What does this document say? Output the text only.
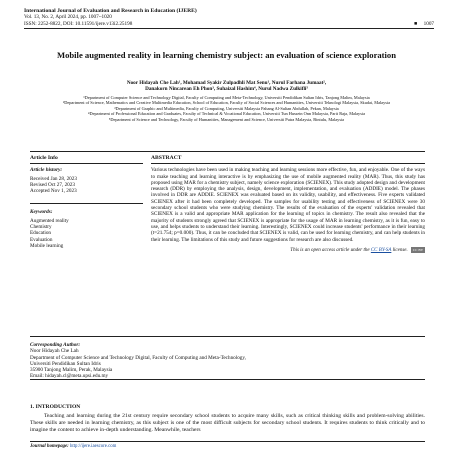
International Journal of Evaluation and Research in Education (IJERE)
Vol. 13, No. 2, April 2024, pp. 1007~1020
ISSN: 2252-8822, DOI: 10.11591/ijere.v13i2.25198	■     1007
Mobile augmented reality in learning chemistry subject: an evaluation of science exploration
Noor Hidayah Che Lah¹, Mohamad Syakir Zulpadhli Mat Senu¹, Nurul Farhana Jumaat²,
Danakorn Nincarean Eh Phon³, Suhaizal Hashim⁴, Nurul Nadwa Zulkifli⁵
¹Department of Computer Science and Technology Digital, Faculty of Computing and Meta-Technology, Universiti Pendidikan Sultan Idris, Tanjong Malim, Malaysia
²Department of Science, Mathematics and Creative Multimedia Education, School of Education, Faculty of Social Sciences and Humanities, Universiti Teknologi Malaysia, Skudai, Malaysia
³Department of Graphic and Multimedia, Faculty of Computing, Universiti Malaysia Pahang Al-Sultan Abdullah, Pekan, Malaysia
⁴Department of Professional Education and Graduates, Faculty of Technical & Vocational Education, Universiti Tun Hussein Onn Malaysia, Parit Raja, Malaysia
⁵Department of Science and Technology, Faculty of Humanities, Management and Science, Universiti Putra Malaysia, Bintulu, Malaysia
Article Info
Article history:
Received Jan 28, 2023
Revised Oct 27, 2023
Accepted Nov 1, 2023
Keywords:
Augmented reality
Chemistry
Education
Evaluation
Mobile learning
ABSTRACT
Various technologies have been used in making teaching and learning sessions more effective, fun, and enjoyable. One of the ways to make teaching and learning interactive is by emphasizing the use of mobile augmented reality (MAR). Thus, this study has proposed using MAR for a chemistry subject, namely science exploration (SCIENEX). This study adopted design and development research (DDR) by employing the analysis, design, development, implementation, and evaluation (ADDIE) model. The phases involved in DDR are ADDIE. SCIENEX was evaluated based on its validity, usability, and effectiveness. Five experts validated SCIENEX after it had been completely developed. The samples for usability testing and effectiveness of SCIENEX were 30 secondary school students who were studying chemistry. The results of the evaluation of the experts' validation revealed that SCIENEX is a valid and appropriate MAR application for the learning of topics in chemistry. The result also revealed that the majority of students strongly agreed that SCIENEX is appropriate for the usage of MAR in learning chemistry, as it is fun, easy to use, and helps students to understand their learning. Interestingly, SCIENEX could increase students' performance in their learning (t=21.754; p=0.000). Thus, it can be concluded that SCIENEX is valid, can be used for learning chemistry, and can help students in their learning. The limitations of this study and future suggestions for research are also discussed.
This is an open access article under the CC BY-SA license. CC BY SA
Corresponding Author:
Noor Hidayah Che Lah
Department of Computer Science and Technology Digital, Faculty of Computing and Meta-Technology,
Universiti Pendidikan Sultan Idris
35900 Tanjong Malim, Perak, Malaysia
Email: hidayah.cl@meta.upsi.edu.my
1. INTRODUCTION
Teaching and learning during the 21st century require secondary school students to acquire many skills, such as critical thinking skills and problem-solving abilities. These skills are needed in learning chemistry, as this subject is one of the most difficult subjects for secondary school students. It requires students to think critically and to imagine the content to achieve in-depth understanding. Meanwhile, teachers
Journal homepage: http://ijere.iaescore.com
